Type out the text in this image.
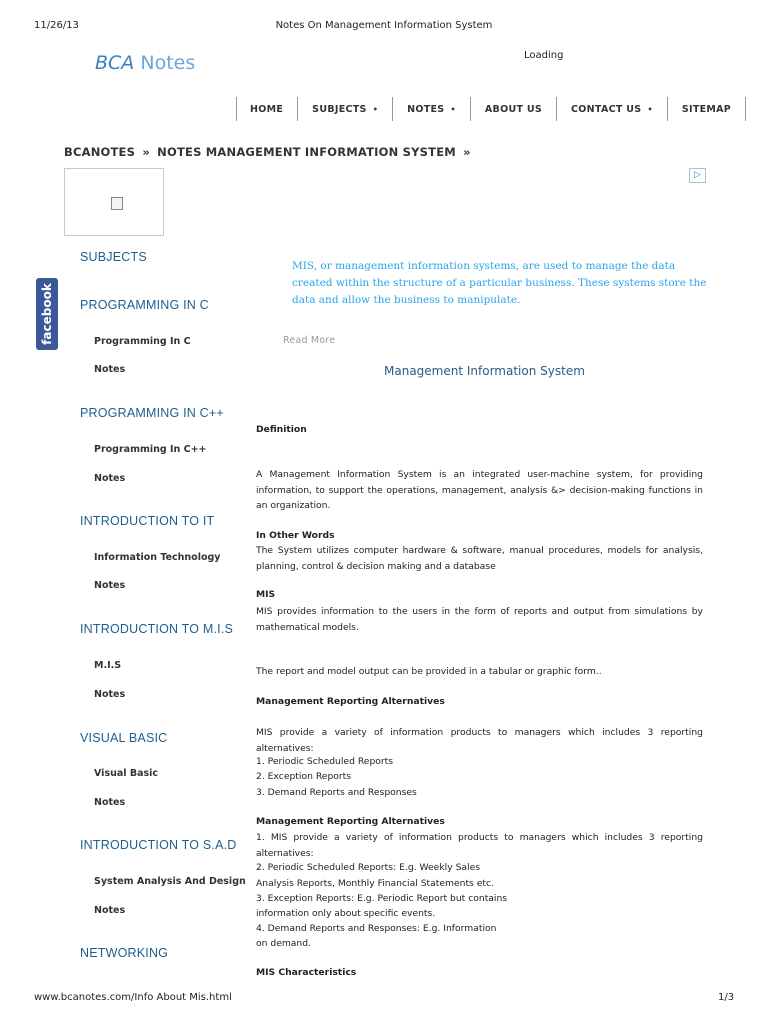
11/26/13	Notes On Management Information System
BCA Notes	Loading
HOME	SUBJECTS •	NOTES •	ABOUT US	CONTACT US •	SITEMAP
BCANOTES » NOTES MANAGEMENT INFORMATION SYSTEM »
▷
facebook
SUBJECTS
PROGRAMMING IN C
Programming In C
Notes
PROGRAMMING IN C++
Programming In C++
Notes
INTRODUCTION TO IT
Information Technology
Notes
INTRODUCTION TO M.I.S
M.I.S
Notes
VISUAL BASIC
Visual Basic
Notes
INTRODUCTION TO S.A.D
System Analysis And Design
Notes
NETWORKING
MIS, or management information systems, are used to manage the data created within the structure of a particular business. These systems store the data and allow the business to manipulate.
Read More
Management Information System
Definition
A Management Information System is an integrated user-machine system, for providing information, to support the operations, management, analysis &> decision-making functions in an organization.
In Other Words
The System utilizes computer hardware & software, manual procedures, models for analysis, planning, control & decision making and a database
MIS
MIS provides information to the users in the form of reports and output from simulations by mathematical models.
The report and model output can be provided in a tabular or graphic form..
Management Reporting Alternatives
MIS provide a variety of information products to managers which includes 3 reporting alternatives:
1. Periodic Scheduled Reports
2. Exception Reports
3. Demand Reports and Responses
Management Reporting Alternatives
1. MIS provide a variety of information products to managers which includes 3 reporting alternatives:
2. Periodic Scheduled Reports: E.g. Weekly Sales
Analysis Reports, Monthly Financial Statements etc.
3. Exception Reports: E.g. Periodic Report but contains
information only about specific events.
4. Demand Reports and Responses: E.g. Information
on demand.
MIS Characteristics
www.bcanotes.com/Info About Mis.html	1/3
